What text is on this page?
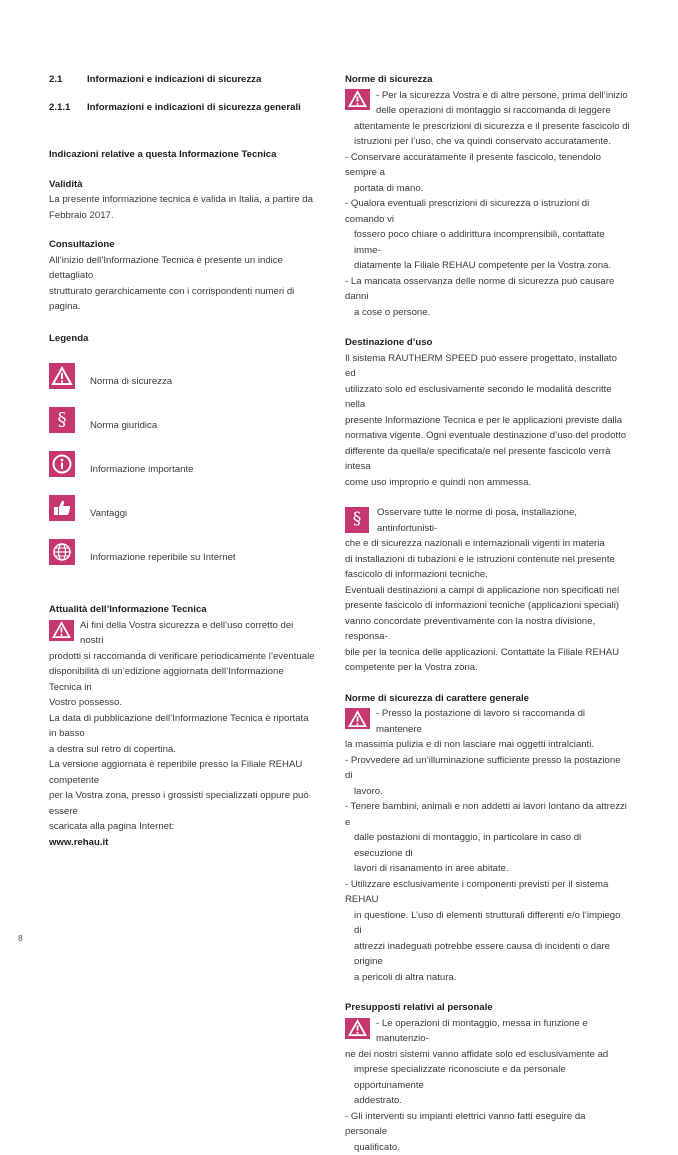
2.1	Informazioni e indicazioni di sicurezza
2.1.1	Informazioni e indicazioni di sicurezza generali

Indicazioni relative a questa Informazione Tecnica

Validità

La presente informazione tecnica è valida in Italia, a partire da

Febbraio 2017.

Consultazione

All’inizio dell’Informazione Tecnica è presente un indice dettagliato

strutturato gerarchicamente con i corrispondenti numeri di pagina.

Legenda

Norma di sicurezza
§	Norma giuridica
Informazione importante
Vantaggi
Informazione reperibile su Internet

Attualità dell’Informazione Tecnica

Ai fini della Vostra sicurezza e dell’uso corretto dei nostri

prodotti si raccomanda di verificare periodicamente l’eventuale

disponibilità di un’edizione aggiornata dell’Informazione Tecnica in

Vostro possesso.

La data di pubblicazione dell’Informazione Tecnica è riportata in basso

a destra sul retro di copertina.

La versione aggiornata è reperibile presso la Filiale REHAU

competente

per la Vostra zona, presso i grossisti specializzati oppure può essere

scaricata alla pagina Internet:

www.rehau.it

Norme di sicurezza

- Per la sicurezza Vostra e di altre persone, prima dell’inizio

delle operazioni di montaggio si raccomanda di leggere

attentamente le prescrizioni di sicurezza e il presente fascicolo di

istruzioni per l’uso, che va quindi conservato accuratamente.

- Conservare accuratamente il presente fascicolo, tenendolo sempre a

portata di mano.

- Qualora eventuali prescrizioni di sicurezza o istruzioni di comando vi

fossero poco chiare o addirittura incomprensibili, contattate imme-

diatamente la Filiale REHAU competente per la Vostra zona.

- La mancata osservanza delle norme di sicurezza può causare danni

a cose o persone.

Destinazione d’uso

Il sistema RAUTHERM SPEED può essere progettato, installato ed

utilizzato solo ed esclusivamente secondo le modalità descritte nella

presente Informazione Tecnica e per le applicazioni previste dalla

normativa vigente. Ogni eventuale destinazione d’uso del prodotto

differente da quella/e specificata/e nel presente fascicolo verrà intesa

come uso improprio e quindi non ammessa.

§	Osservare tutte le norme di posa, installazione, antinfortunisti-

che e di sicurezza nazionali e internazionali vigenti in materia

di installazioni di tubazioni e le istruzioni contenute nel presente

fascicolo di informazioni tecniche.

Eventuali destinazioni a campi di applicazione non specificati nel

presente fascicolo di informazioni tecniche (applicazioni speciali)

vanno concordate preventivamente con la nostra divisione, responsa-

bile per la tecnica delle applicazioni. Contattate la Filiale REHAU

competente per la Vostra zona.

Norme di sicurezza di carattere generale

- Presso la postazione di lavoro si raccomanda di mantenere

la massima pulizia e di non lasciare mai oggetti intralcianti.

- Provvedere ad un’illuminazione sufficiente presso la postazione di

lavoro.

- Tenere bambini, animali e non addetti ai lavori lontano da attrezzi e

dalle postazioni di montaggio, in particolare in caso di esecuzione di

lavori di risanamento in aree abitate.

- Utilizzare esclusivamente i componenti previsti per il sistema REHAU

in questione. L’uso di elementi strutturali differenti e/o l’impiego di

attrezzi inadeguati potrebbe essere causa di incidenti o dare origine

a pericoli di altra natura.

Presupposti relativi al personale

- Le operazioni di montaggio, messa in funzione e manutenzio-

ne dei nostri sistemi vanno affidate solo ed esclusivamente ad

imprese specializzate riconosciute e da personale opportunamente

addestrato.

- Gli interventi su impianti elettrici vanno fatti eseguire da personale

qualificato.

8
